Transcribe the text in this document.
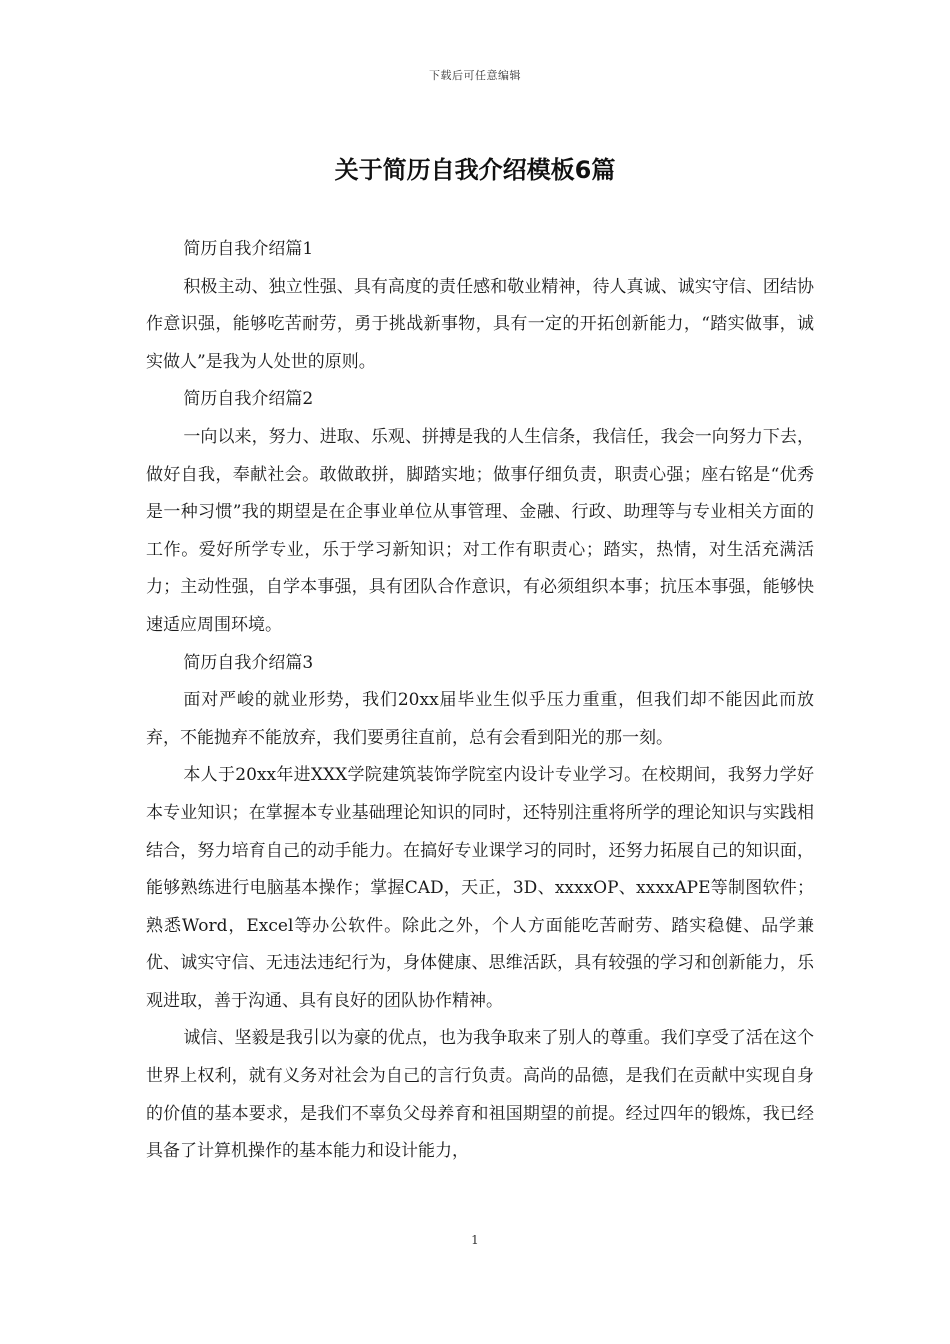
下载后可任意编辑
关于简历自我介绍模板6篇

简历自我介绍篇1

积极主动、独立性强、具有高度的责任感和敬业精神，待人真诚、诚实守信、团结协作意识强，能够吃苦耐劳，勇于挑战新事物，具有一定的开拓创新能力，“踏实做事，诚实做人”是我为人处世的原则。

简历自我介绍篇2

一向以来，努力、进取、乐观、拼搏是我的人生信条，我信任，我会一向努力下去，做好自我，奉献社会。敢做敢拼，脚踏实地；做事仔细负责，职责心强；座右铭是“优秀是一种习惯”我的期望是在企事业单位从事管理、金融、行政、助理等与专业相关方面的工作。爱好所学专业，乐于学习新知识；对工作有职责心；踏实，热情，对生活充满活力；主动性强，自学本事强，具有团队合作意识，有必须组织本事；抗压本事强，能够快速适应周围环境。

简历自我介绍篇3

面对严峻的就业形势，我们20xx届毕业生似乎压力重重，但我们却不能因此而放弃，不能抛弃不能放弃，我们要勇往直前，总有会看到阳光的那一刻。

本人于20xx年进XXX学院建筑装饰学院室内设计专业学习。在校期间，我努力学好本专业知识；在掌握本专业基础理论知识的同时，还特别注重将所学的理论知识与实践相结合，努力培育自己的动手能力。在搞好专业课学习的同时，还努力拓展自己的知识面，能够熟练进行电脑基本操作；掌握CAD，天正，3D、xxxxOP、xxxxAPE等制图软件；熟悉Word，Excel等办公软件。除此之外，个人方面能吃苦耐劳、踏实稳健、品学兼优、诚实守信、无违法违纪行为，身体健康、思维活跃，具有较强的学习和创新能力，乐观进取，善于沟通、具有良好的团队协作精神。

诚信、坚毅是我引以为豪的优点，也为我争取来了别人的尊重。我们享受了活在这个世界上权利，就有义务对社会为自己的言行负责。高尚的品德，是我们在贡献中实现自身的价值的基本要求，是我们不辜负父母养育和祖国期望的前提。经过四年的锻炼，我已经具备了计算机操作的基本能力和设计能力，

1
